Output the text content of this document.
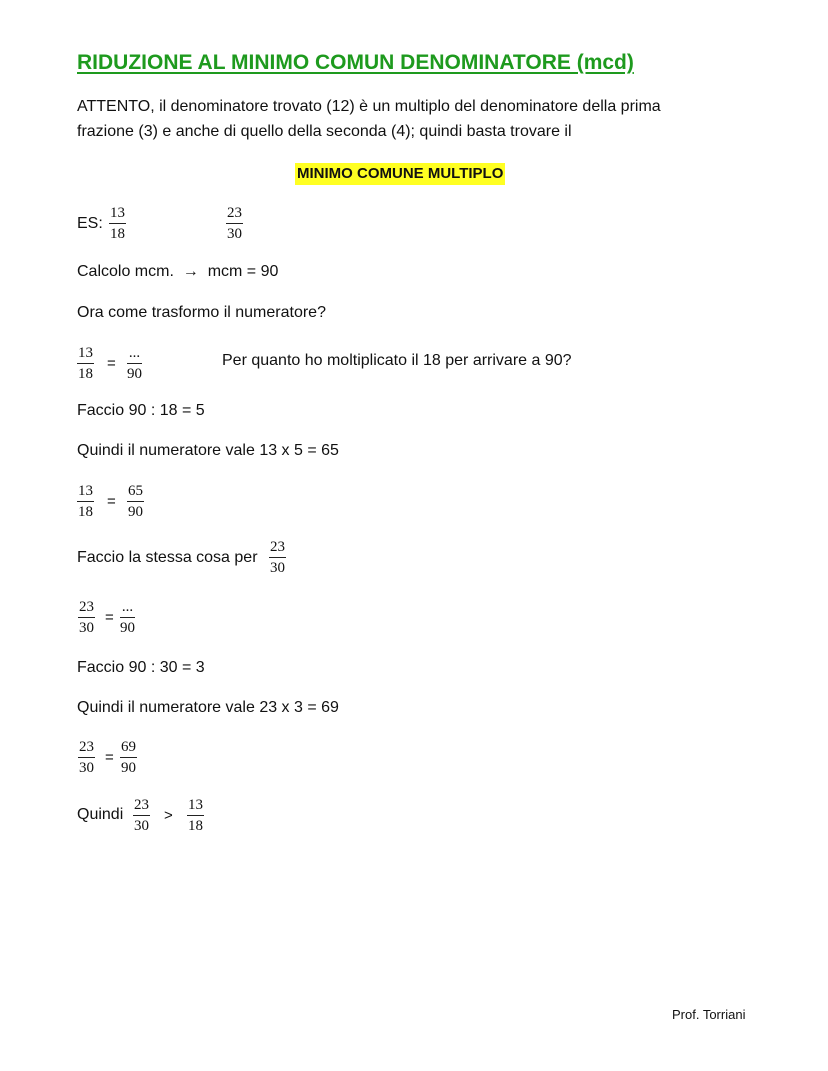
RIDUZIONE AL MINIMO COMUN DENOMINATORE (mcd)
ATTENTO, il denominatore trovato (12) è un multiplo del denominatore della prima
frazione (3) e anche di quello della seconda (4); quindi basta trovare il
MINIMO COMUNE MULTIPLO
ES:
13
18
23
30
Calcolo mcm. → mcm = 90
Ora come trasformo il numeratore?
13
18
=
...
90
Per quanto ho moltiplicato il 18 per arrivare a 90?
Faccio 90 : 18 = 5
Quindi il numeratore vale 13 x 5 = 65
13
18
=
65
90
Faccio la stessa cosa per
23
30
23
30
=
...
90
Faccio 90 : 30 = 3
Quindi il numeratore vale 23 x 3 = 69
23
30
=
69
90
Quindi
23
30
>
13
18
Prof. Torriani
